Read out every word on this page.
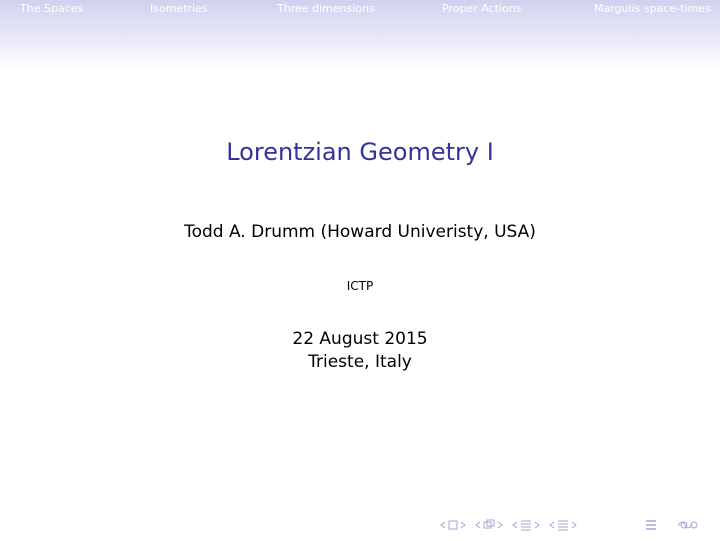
The Spaces	Isometries	Three dimensions	Proper Actions	Margulis space-times
Lorentzian Geometry I
Todd A. Drumm (Howard Univeristy, USA)
ICTP
22 August 2015
Trieste, Italy
